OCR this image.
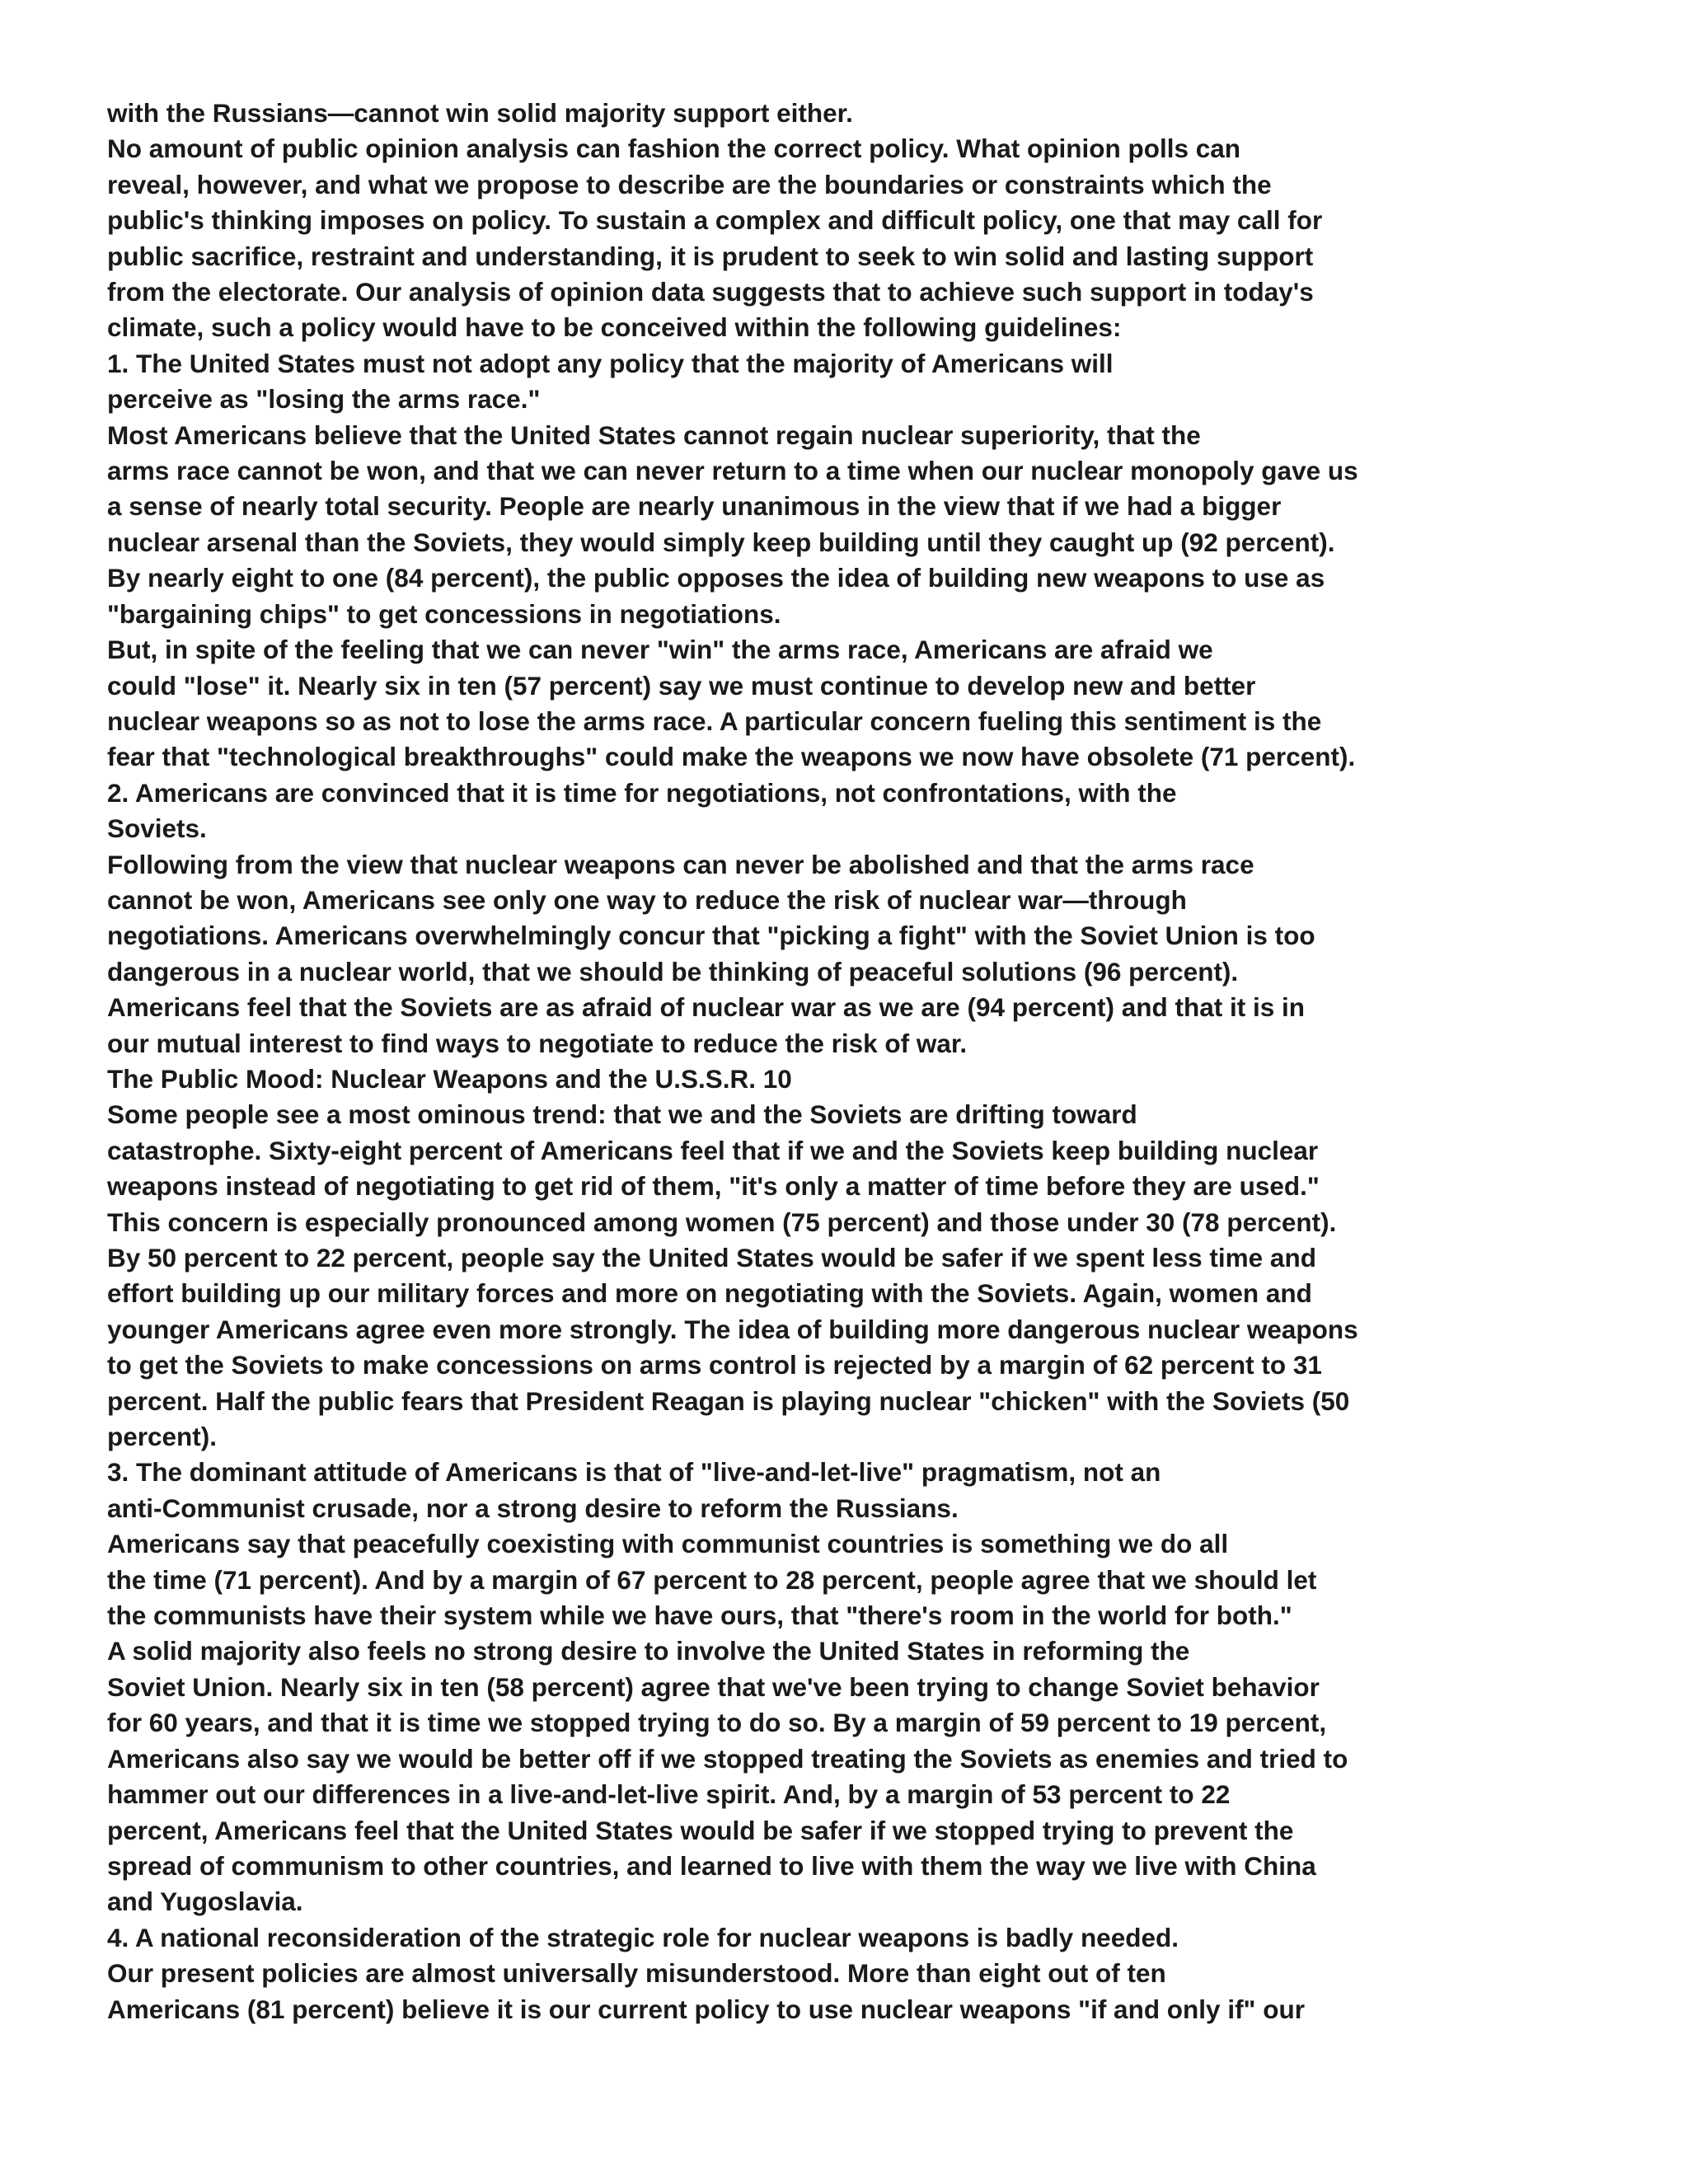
with the Russians—cannot win solid majority support either.
No amount of public opinion analysis can fashion the correct policy. What opinion polls can
reveal, however, and what we propose to describe are the boundaries or constraints which the
public's thinking imposes on policy. To sustain a complex and difficult policy, one that may call for
public sacrifice, restraint and understanding, it is prudent to seek to win solid and lasting support
from the electorate. Our analysis of opinion data suggests that to achieve such support in today's
climate, such a policy would have to be conceived within the following guidelines:
1. The United States must not adopt any policy that the majority of Americans will
perceive as "losing the arms race."
Most Americans believe that the United States cannot regain nuclear superiority, that the
arms race cannot be won, and that we can never return to a time when our nuclear monopoly gave us
a sense of nearly total security. People are nearly unanimous in the view that if we had a bigger
nuclear arsenal than the Soviets, they would simply keep building until they caught up (92 percent).
By nearly eight to one (84 percent), the public opposes the idea of building new weapons to use as
"bargaining chips" to get concessions in negotiations.
But, in spite of the feeling that we can never "win" the arms race, Americans are afraid we
could "lose" it. Nearly six in ten (57 percent) say we must continue to develop new and better
nuclear weapons so as not to lose the arms race. A particular concern fueling this sentiment is the
fear that "technological breakthroughs" could make the weapons we now have obsolete (71 percent).
2. Americans are convinced that it is time for negotiations, not confrontations, with the
Soviets.
Following from the view that nuclear weapons can never be abolished and that the arms race
cannot be won, Americans see only one way to reduce the risk of nuclear war—through
negotiations. Americans overwhelmingly concur that "picking a fight" with the Soviet Union is too
dangerous in a nuclear world, that we should be thinking of peaceful solutions (96 percent).
Americans feel that the Soviets are as afraid of nuclear war as we are (94 percent) and that it is in
our mutual interest to find ways to negotiate to reduce the risk of war.
The Public Mood: Nuclear Weapons and the U.S.S.R. 10
Some people see a most ominous trend: that we and the Soviets are drifting toward
catastrophe. Sixty-eight percent of Americans feel that if we and the Soviets keep building nuclear
weapons instead of negotiating to get rid of them, "it's only a matter of time before they are used."
This concern is especially pronounced among women (75 percent) and those under 30 (78 percent).
By 50 percent to 22 percent, people say the United States would be safer if we spent less time and
effort building up our military forces and more on negotiating with the Soviets. Again, women and
younger Americans agree even more strongly. The idea of building more dangerous nuclear weapons
to get the Soviets to make concessions on arms control is rejected by a margin of 62 percent to 31
percent. Half the public fears that President Reagan is playing nuclear "chicken" with the Soviets (50
percent).
3. The dominant attitude of Americans is that of "live-and-let-live" pragmatism, not an
anti-Communist crusade, nor a strong desire to reform the Russians.
Americans say that peacefully coexisting with communist countries is something we do all
the time (71 percent). And by a margin of 67 percent to 28 percent, people agree that we should let
the communists have their system while we have ours, that "there's room in the world for both."
A solid majority also feels no strong desire to involve the United States in reforming the
Soviet Union. Nearly six in ten (58 percent) agree that we've been trying to change Soviet behavior
for 60 years, and that it is time we stopped trying to do so. By a margin of 59 percent to 19 percent,
Americans also say we would be better off if we stopped treating the Soviets as enemies and tried to
hammer out our differences in a live-and-let-live spirit. And, by a margin of 53 percent to 22
percent, Americans feel that the United States would be safer if we stopped trying to prevent the
spread of communism to other countries, and learned to live with them the way we live with China
and Yugoslavia.
4. A national reconsideration of the strategic role for nuclear weapons is badly needed.
Our present policies are almost universally misunderstood. More than eight out of ten
Americans (81 percent) believe it is our current policy to use nuclear weapons "if and only if" our
